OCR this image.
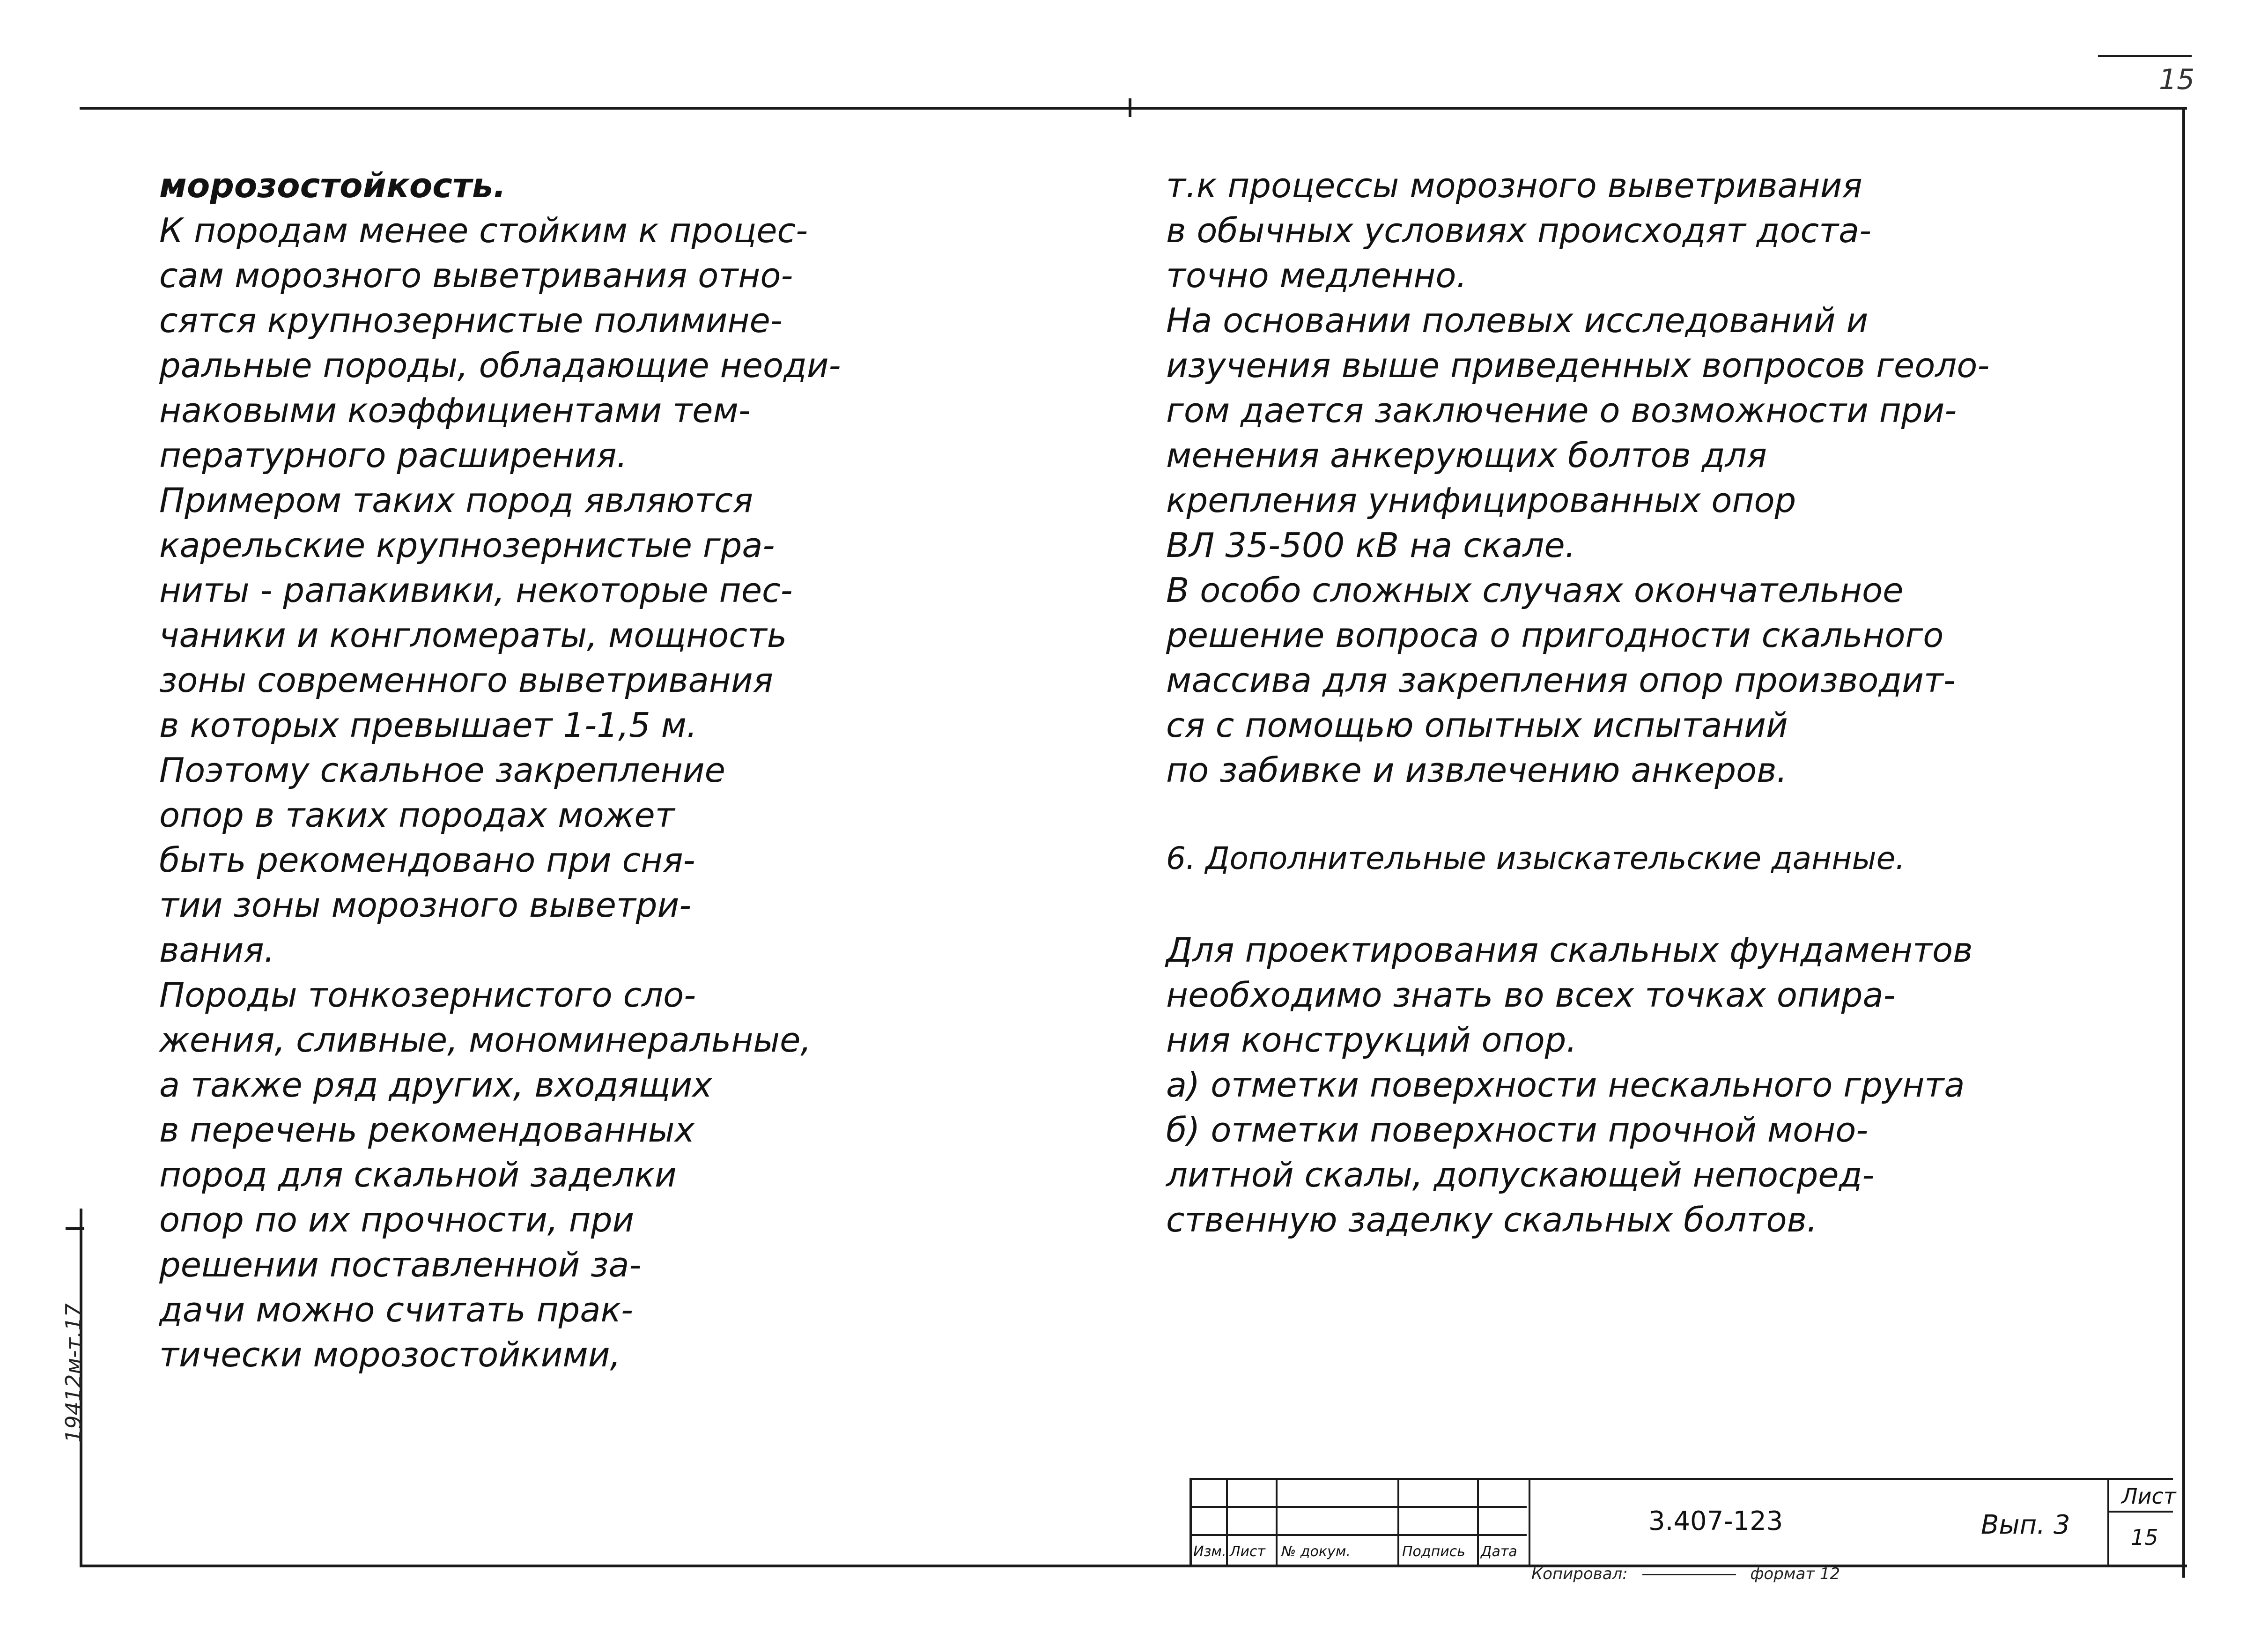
15
19412м-т.17
морозостойкость.
К породам менее стойким к процес-
сам морозного выветривания отно-
сятся крупнозернистые полимине-
ральные породы, обладающие неоди-
наковыми коэффициентами тем-
пературного расширения.
Примером таких пород являются
карельские крупнозернистые гра-
ниты - рапакивики, некоторые пес-
чаники и конгломераты, мощность
зоны современного выветривания
в которых превышает 1-1,5 м.
Поэтому скальное закрепление
опор в таких породах может
быть рекомендовано при сня-
тии зоны морозного выветри-
вания.
Породы тонкозернистого сло-
жения, сливные, мономинеральные,
а также ряд других, входящих
в перечень рекомендованных
пород для скальной заделки
опор по их прочности, при
решении поставленной за-
дачи можно считать прак-
тически морозостойкими,
т.к процессы морозного выветривания
в обычных условиях происходят доста-
точно медленно.
На основании полевых исследований и
изучения выше приведенных вопросов геоло-
гом дается заключение о возможности при-
менения анкерующих болтов для
крепления унифицированных опор
ВЛ 35-500 кВ на скале.
В особо сложных случаях окончательное
решение вопроса о пригодности скального
массива для закрепления опор производит-
ся с помощью опытных испытаний
по забивке и извлечению анкеров.
6. Дополнительные изыскательские данные.
Для проектирования скальных фундаментов
необходимо знать во всех точках опира-
ния конструкций опор.
а) отметки поверхности нескального грунта
б) отметки поверхности прочной моно-
литной скалы, допускающей непосред-
ственную заделку скальных болтов.
Изм. Лист № докум.	Подпись Дата
3.407-123	Вып. 3
Лист
15
Копировал:	формат 12
